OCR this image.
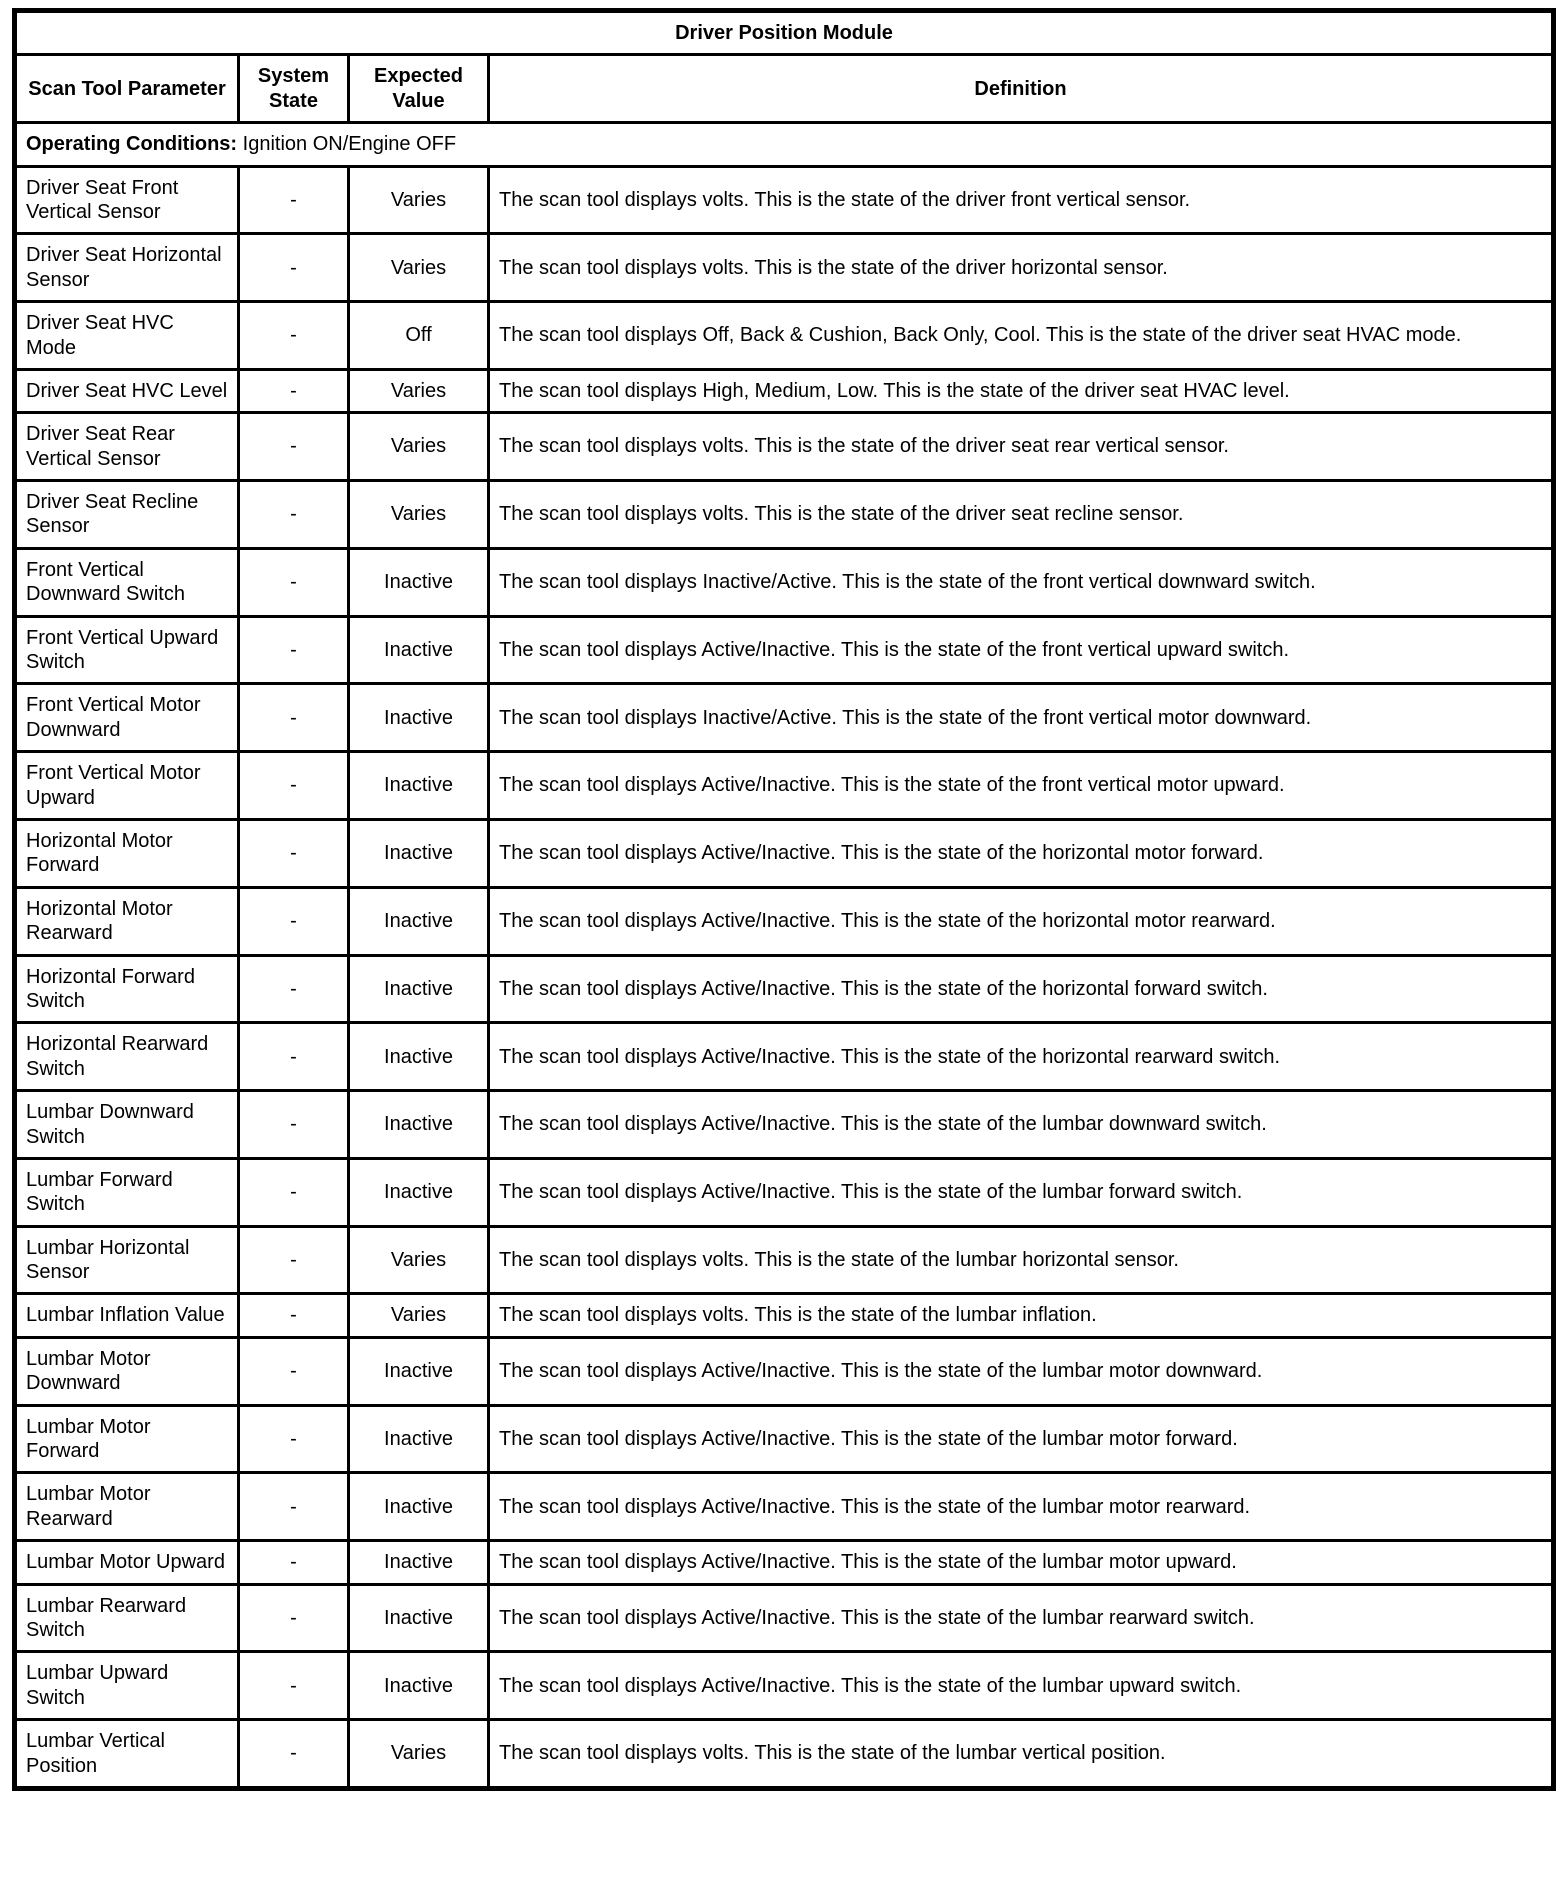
Driver Position Module			
Scan Tool Parameter	System State	Expected Value	Definition
Operating Conditions: Ignition ON/Engine OFF			
Driver Seat Front Vertical Sensor	-	Varies	The scan tool displays volts. This is the state of the driver front vertical sensor.
Driver Seat Horizontal Sensor	-	Varies	The scan tool displays volts. This is the state of the driver horizontal sensor.
Driver Seat HVC Mode	-	Off	The scan tool displays Off, Back & Cushion, Back Only, Cool. This is the state of the driver seat HVAC mode.
Driver Seat HVC Level	-	Varies	The scan tool displays High, Medium, Low. This is the state of the driver seat HVAC level.
Driver Seat Rear Vertical Sensor	-	Varies	The scan tool displays volts. This is the state of the driver seat rear vertical sensor.
Driver Seat Recline Sensor	-	Varies	The scan tool displays volts. This is the state of the driver seat recline sensor.
Front Vertical Downward Switch	-	Inactive	The scan tool displays Inactive/Active. This is the state of the front vertical downward switch.
Front Vertical Upward Switch	-	Inactive	The scan tool displays Active/Inactive. This is the state of the front vertical upward switch.
Front Vertical Motor Downward	-	Inactive	The scan tool displays Inactive/Active. This is the state of the front vertical motor downward.
Front Vertical Motor Upward	-	Inactive	The scan tool displays Active/Inactive. This is the state of the front vertical motor upward.
Horizontal Motor Forward	-	Inactive	The scan tool displays Active/Inactive. This is the state of the horizontal motor forward.
Horizontal Motor Rearward	-	Inactive	The scan tool displays Active/Inactive. This is the state of the horizontal motor rearward.
Horizontal Forward Switch	-	Inactive	The scan tool displays Active/Inactive. This is the state of the horizontal forward switch.
Horizontal Rearward Switch	-	Inactive	The scan tool displays Active/Inactive. This is the state of the horizontal rearward switch.
Lumbar Downward Switch	-	Inactive	The scan tool displays Active/Inactive. This is the state of the lumbar downward switch.
Lumbar Forward Switch	-	Inactive	The scan tool displays Active/Inactive. This is the state of the lumbar forward switch.
Lumbar Horizontal Sensor	-	Varies	The scan tool displays volts. This is the state of the lumbar horizontal sensor.
Lumbar Inflation Value	-	Varies	The scan tool displays volts. This is the state of the lumbar inflation.
Lumbar Motor Downward	-	Inactive	The scan tool displays Active/Inactive. This is the state of the lumbar motor downward.
Lumbar Motor Forward	-	Inactive	The scan tool displays Active/Inactive. This is the state of the lumbar motor forward.
Lumbar Motor Rearward	-	Inactive	The scan tool displays Active/Inactive. This is the state of the lumbar motor rearward.
Lumbar Motor Upward	-	Inactive	The scan tool displays Active/Inactive. This is the state of the lumbar motor upward.
Lumbar Rearward Switch	-	Inactive	The scan tool displays Active/Inactive. This is the state of the lumbar rearward switch.
Lumbar Upward Switch	-	Inactive	The scan tool displays Active/Inactive. This is the state of the lumbar upward switch.
Lumbar Vertical Position	-	Varies	The scan tool displays volts. This is the state of the lumbar vertical position.
